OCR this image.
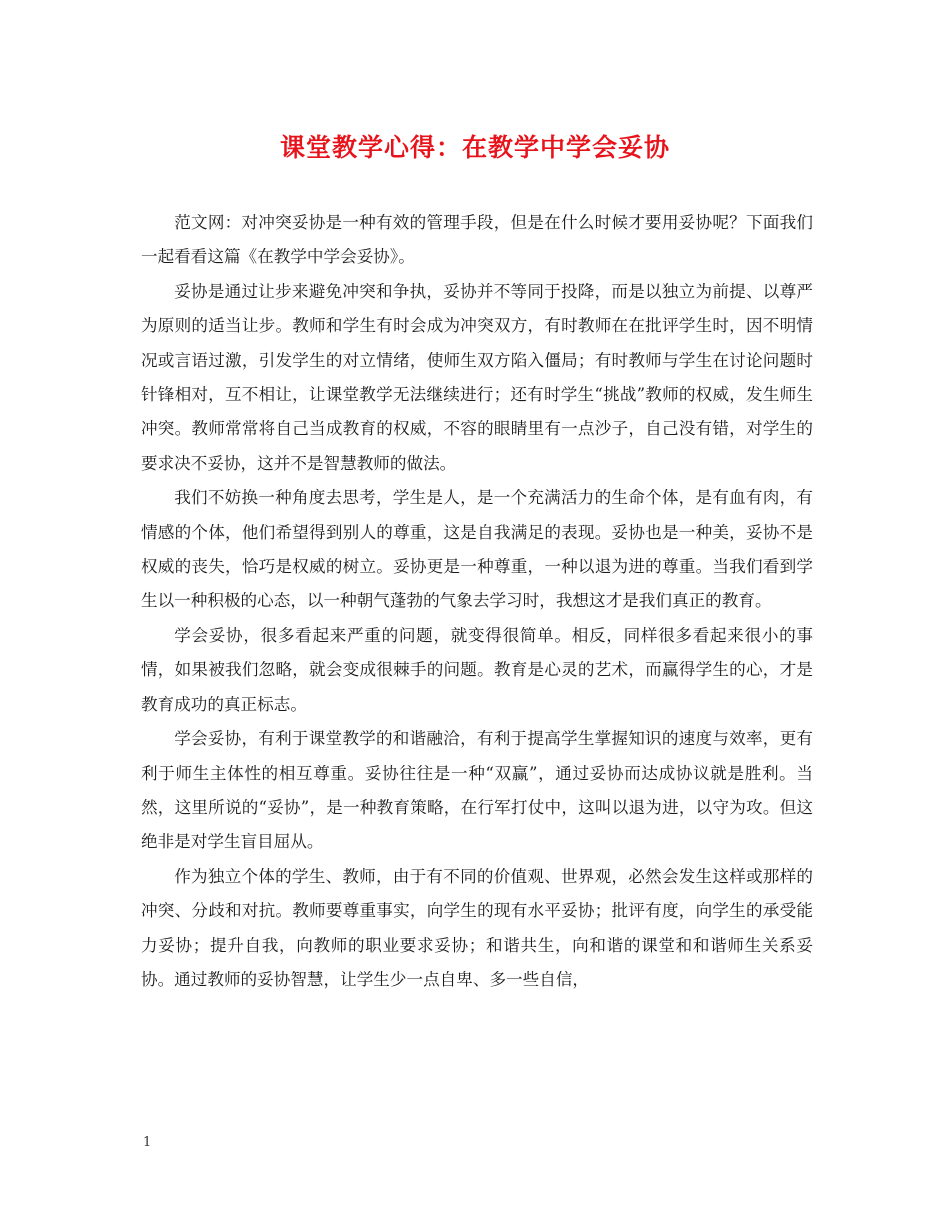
课堂教学心得：在教学中学会妥协

范文网：对冲突妥协是一种有效的管理手段，但是在什么时候才要用妥协呢？下面我们一起看看这篇《在教学中学会妥协》。

妥协是通过让步来避免冲突和争执，妥协并不等同于投降，而是以独立为前提、以尊严为原则的适当让步。教师和学生有时会成为冲突双方，有时教师在在批评学生时，因不明情况或言语过激，引发学生的对立情绪，使师生双方陷入僵局；有时教师与学生在讨论问题时针锋相对，互不相让，让课堂教学无法继续进行；还有时学生“挑战”教师的权威，发生师生冲突。教师常常将自己当成教育的权威，不容的眼睛里有一点沙子，自己没有错，对学生的要求决不妥协，这并不是智慧教师的做法。

我们不妨换一种角度去思考，学生是人，是一个充满活力的生命个体，是有血有肉，有情感的个体，他们希望得到别人的尊重，这是自我满足的表现。妥协也是一种美，妥协不是权威的丧失，恰巧是权威的树立。妥协更是一种尊重，一种以退为进的尊重。当我们看到学生以一种积极的心态，以一种朝气蓬勃的气象去学习时，我想这才是我们真正的教育。

学会妥协，很多看起来严重的问题，就变得很简单。相反，同样很多看起来很小的事情，如果被我们忽略，就会变成很棘手的问题。教育是心灵的艺术，而赢得学生的心，才是教育成功的真正标志。

学会妥协，有利于课堂教学的和谐融洽，有利于提高学生掌握知识的速度与效率，更有利于师生主体性的相互尊重。妥协往往是一种“双赢”，通过妥协而达成协议就是胜利。当然，这里所说的“妥协”，是一种教育策略，在行军打仗中，这叫以退为进，以守为攻。但这绝非是对学生盲目屈从。

作为独立个体的学生、教师，由于有不同的价值观、世界观，必然会发生这样或那样的冲突、分歧和对抗。教师要尊重事实，向学生的现有水平妥协；批评有度，向学生的承受能力妥协；提升自我，向教师的职业要求妥协；和谐共生，向和谐的课堂和和谐师生关系妥协。通过教师的妥协智慧，让学生少一点自卑、多一些自信，

1
